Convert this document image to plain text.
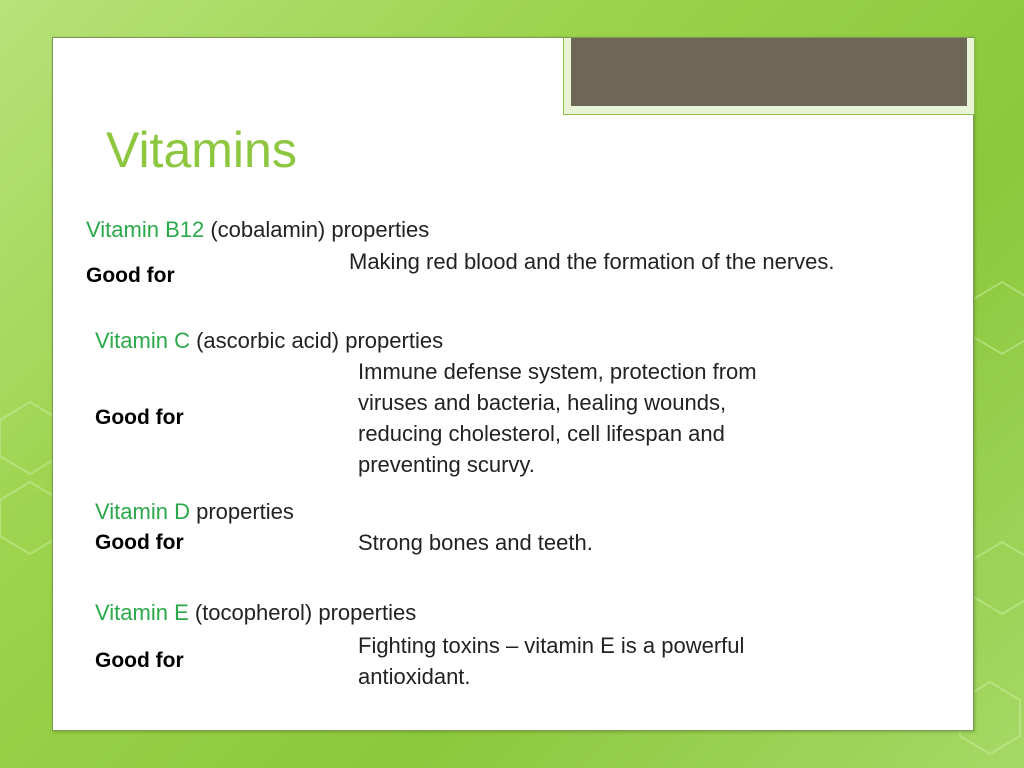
Vitamins
Vitamin B12 (cobalamin) properties
Good for
Making red blood and the formation of the nerves.
Vitamin C (ascorbic acid) properties
Good for
Immune defense system, protection from viruses and bacteria, healing wounds, reducing cholesterol, cell lifespan and preventing scurvy.
Vitamin D properties
Good for	Strong bones and teeth.
Vitamin E (tocopherol) properties
Good for
Fighting toxins – vitamin E is a powerful antioxidant.
